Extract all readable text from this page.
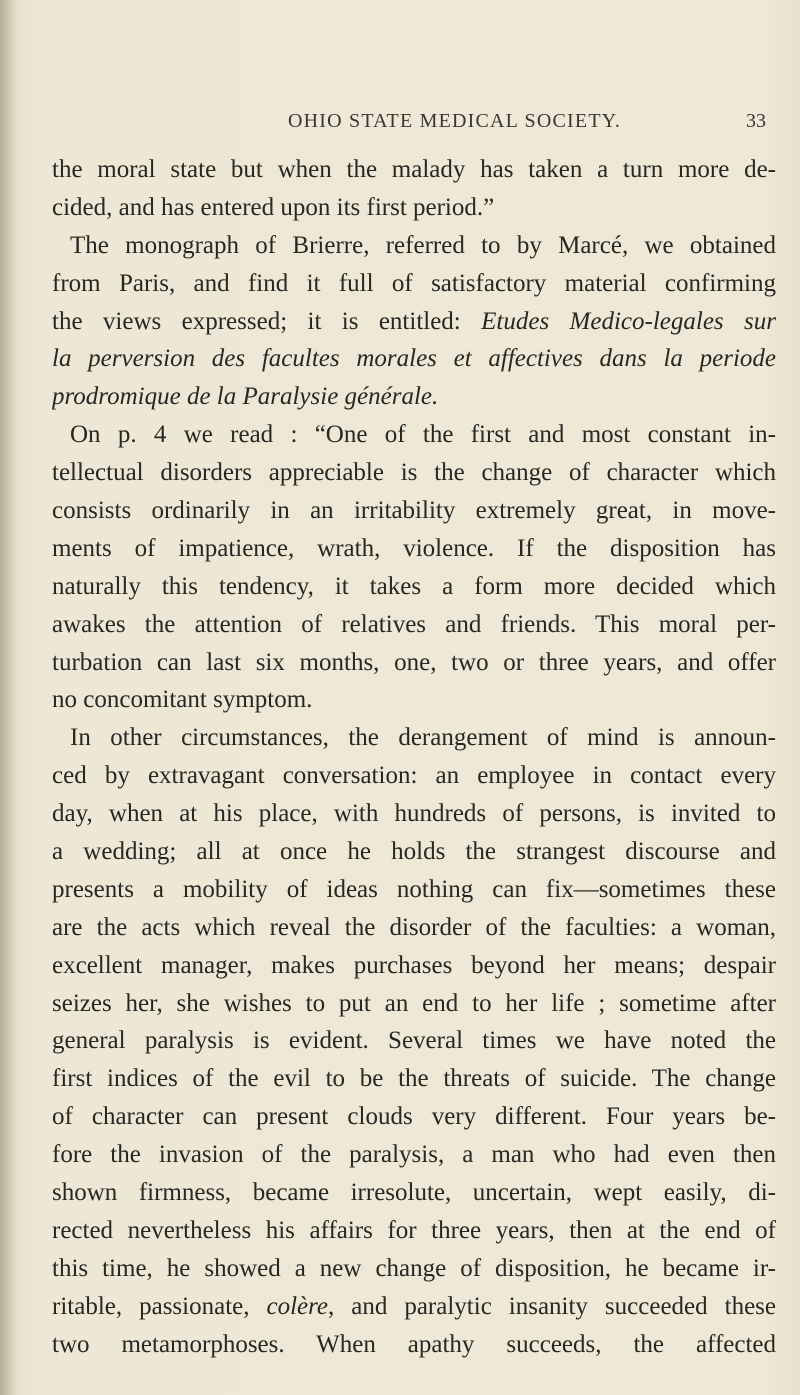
OHIO STATE MEDICAL SOCIETY.	33
the moral state but when the malady has taken a turn more de-
cided, and has entered upon its first period.”
The monograph of Brierre, referred to by Marcé, we obtained
from Paris, and find it full of satisfactory material confirming
the views expressed; it is entitled: Etudes Medico-legales sur
la perversion des facultes morales et affectives dans la periode
prodromique de la Paralysie générale.
On p. 4 we read : “One of the first and most constant in-
tellectual disorders appreciable is the change of character which
consists ordinarily in an irritability extremely great, in move-
ments of impatience, wrath, violence. If the disposition has
naturally this tendency, it takes a form more decided which
awakes the attention of relatives and friends. This moral per-
turbation can last six months, one, two or three years, and offer
no concomitant symptom.
In other circumstances, the derangement of mind is announ-
ced by extravagant conversation: an employee in contact every
day, when at his place, with hundreds of persons, is invited to
a wedding; all at once he holds the strangest discourse and
presents a mobility of ideas nothing can fix—sometimes these
are the acts which reveal the disorder of the faculties: a woman,
excellent manager, makes purchases beyond her means; despair
seizes her, she wishes to put an end to her life ; sometime after
general paralysis is evident. Several times we have noted the
first indices of the evil to be the threats of suicide. The change
of character can present clouds very different. Four years be-
fore the invasion of the paralysis, a man who had even then
shown firmness, became irresolute, uncertain, wept easily, di-
rected nevertheless his affairs for three years, then at the end of
this time, he showed a new change of disposition, he became ir-
ritable, passionate, colère, and paralytic insanity succeeded these
two metamorphoses. When apathy succeeds, the affected
